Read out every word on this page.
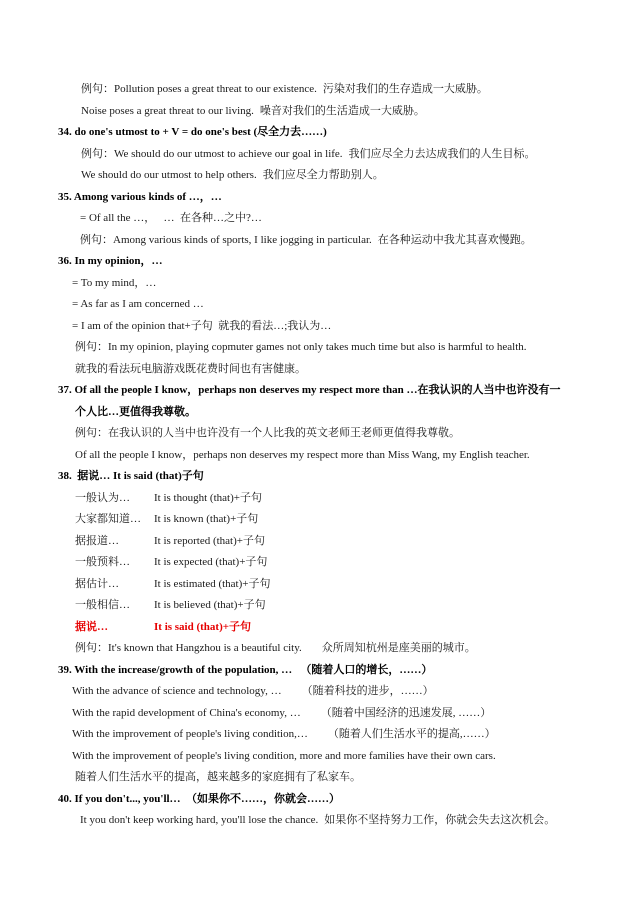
例句：Pollution poses a great threat to our existence. 污染对我们的生存造成一大威胁。
Noise poses a great threat to our living. 噪音对我们的生活造成一大威胁。
34. do one's utmost to + V = do one's best (尽全力去……)
例句：We should do our utmost to achieve our goal in life. 我们应尽全力去达成我们的人生目标。
We should do our utmost to help others. 我们应尽全力帮助别人。
35. Among various kinds of …，…
= Of all the …，   …  在各种…之中?…
例句：Among various kinds of sports, I like jogging in particular. 在各种运动中我尤其喜欢慢跑。
36. In my opinion，…
= To my mind，…
= As far as I am concerned …
= I am of the opinion that+子句  就我的看法…;我认为…
例句：In my opinion, playing copmuter games not only takes much time but also is harmful to health.
就我的看法玩电脑游戏既花费时间也有害健康。
37. Of all the people I know，perhaps non deserves my respect more than …在我认识的人当中也许没有一
个人比…更值得我尊敬。
例句：在我认识的人当中也许没有一个人比我的英文老师王老师更值得我尊敬。
Of all the people I know，perhaps non deserves my respect more than Miss Wang, my English teacher.
38.  据说… It is said (that)子句
一般认为… It is thought (that)+子句
大家都知道… It is known (that)+子句
据报道…	It is reported (that)+子句
一般预料… It is expected (that)+子句
据估计…	It is estimated (that)+子句
一般相信… It is believed (that)+子句
据说…	It is said (that)+子句
例句：It's known that Hangzhou is a beautiful city. 众所周知杭州是座美丽的城市。
39. With the increase/growth of the population, …   （随着人口的增长，……）
With the advance of science and technology, … （随着科技的进步，……）
With the rapid development of China's economy, … （随着中国经济的迅速发展, ……）
With the improvement of people's living condition,… （随着人们生活水平的提高,……）
With the improvement of people's living condition, more and more families have their own cars.
随着人们生活水平的提高，越来越多的家庭拥有了私家车。
40. If you don't..., you'll…  （如果你不……，你就会……）
It you don't keep working hard, you'll lose the chance. 如果你不坚持努力工作，你就会失去这次机会。
